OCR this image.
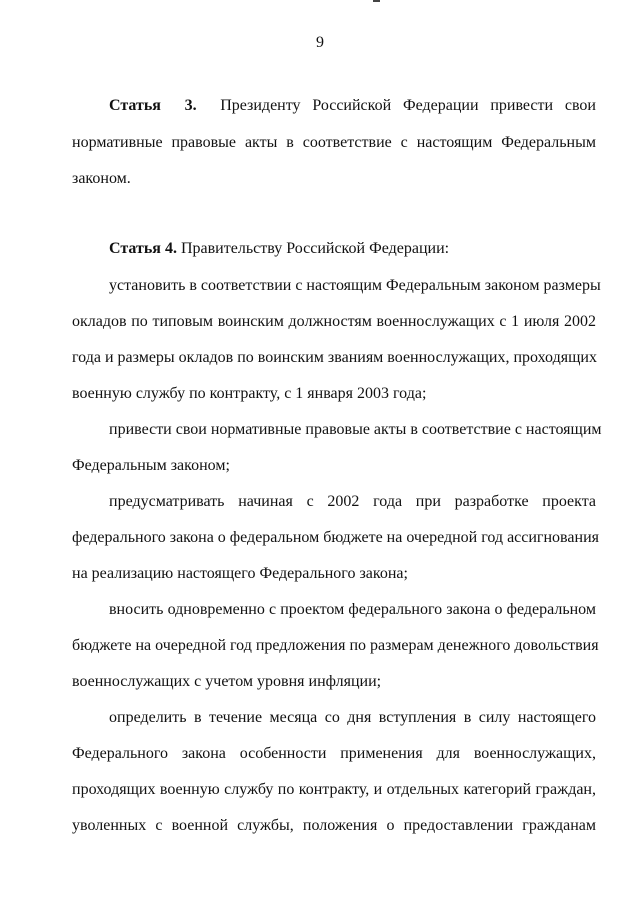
9
Статья 3. Президенту Российской Федерации привести свои
нормативные правовые акты в соответствие с настоящим Федеральным
законом.
Статья 4. Правительству Российской Федерации:
установить в соответствии с настоящим Федеральным законом размеры
окладов по типовым воинским должностям военнослужащих с 1 июля 2002
года и размеры окладов по воинским званиям военнослужащих, проходящих
военную службу по контракту, с 1 января 2003 года;
привести свои нормативные правовые акты в соответствие с настоящим
Федеральным законом;
предусматривать начиная с 2002 года при разработке проекта
федерального закона о федеральном бюджете на очередной год ассигнования
на реализацию настоящего Федерального закона;
вносить одновременно с проектом федерального закона о федеральном
бюджете на очередной год предложения по размерам денежного довольствия
военнослужащих с учетом уровня инфляции;
определить в течение месяца со дня вступления в силу настоящего
Федерального закона особенности применения для военнослужащих,
проходящих военную службу по контракту, и отдельных категорий граждан,
уволенных с военной службы, положения о предоставлении гражданам
